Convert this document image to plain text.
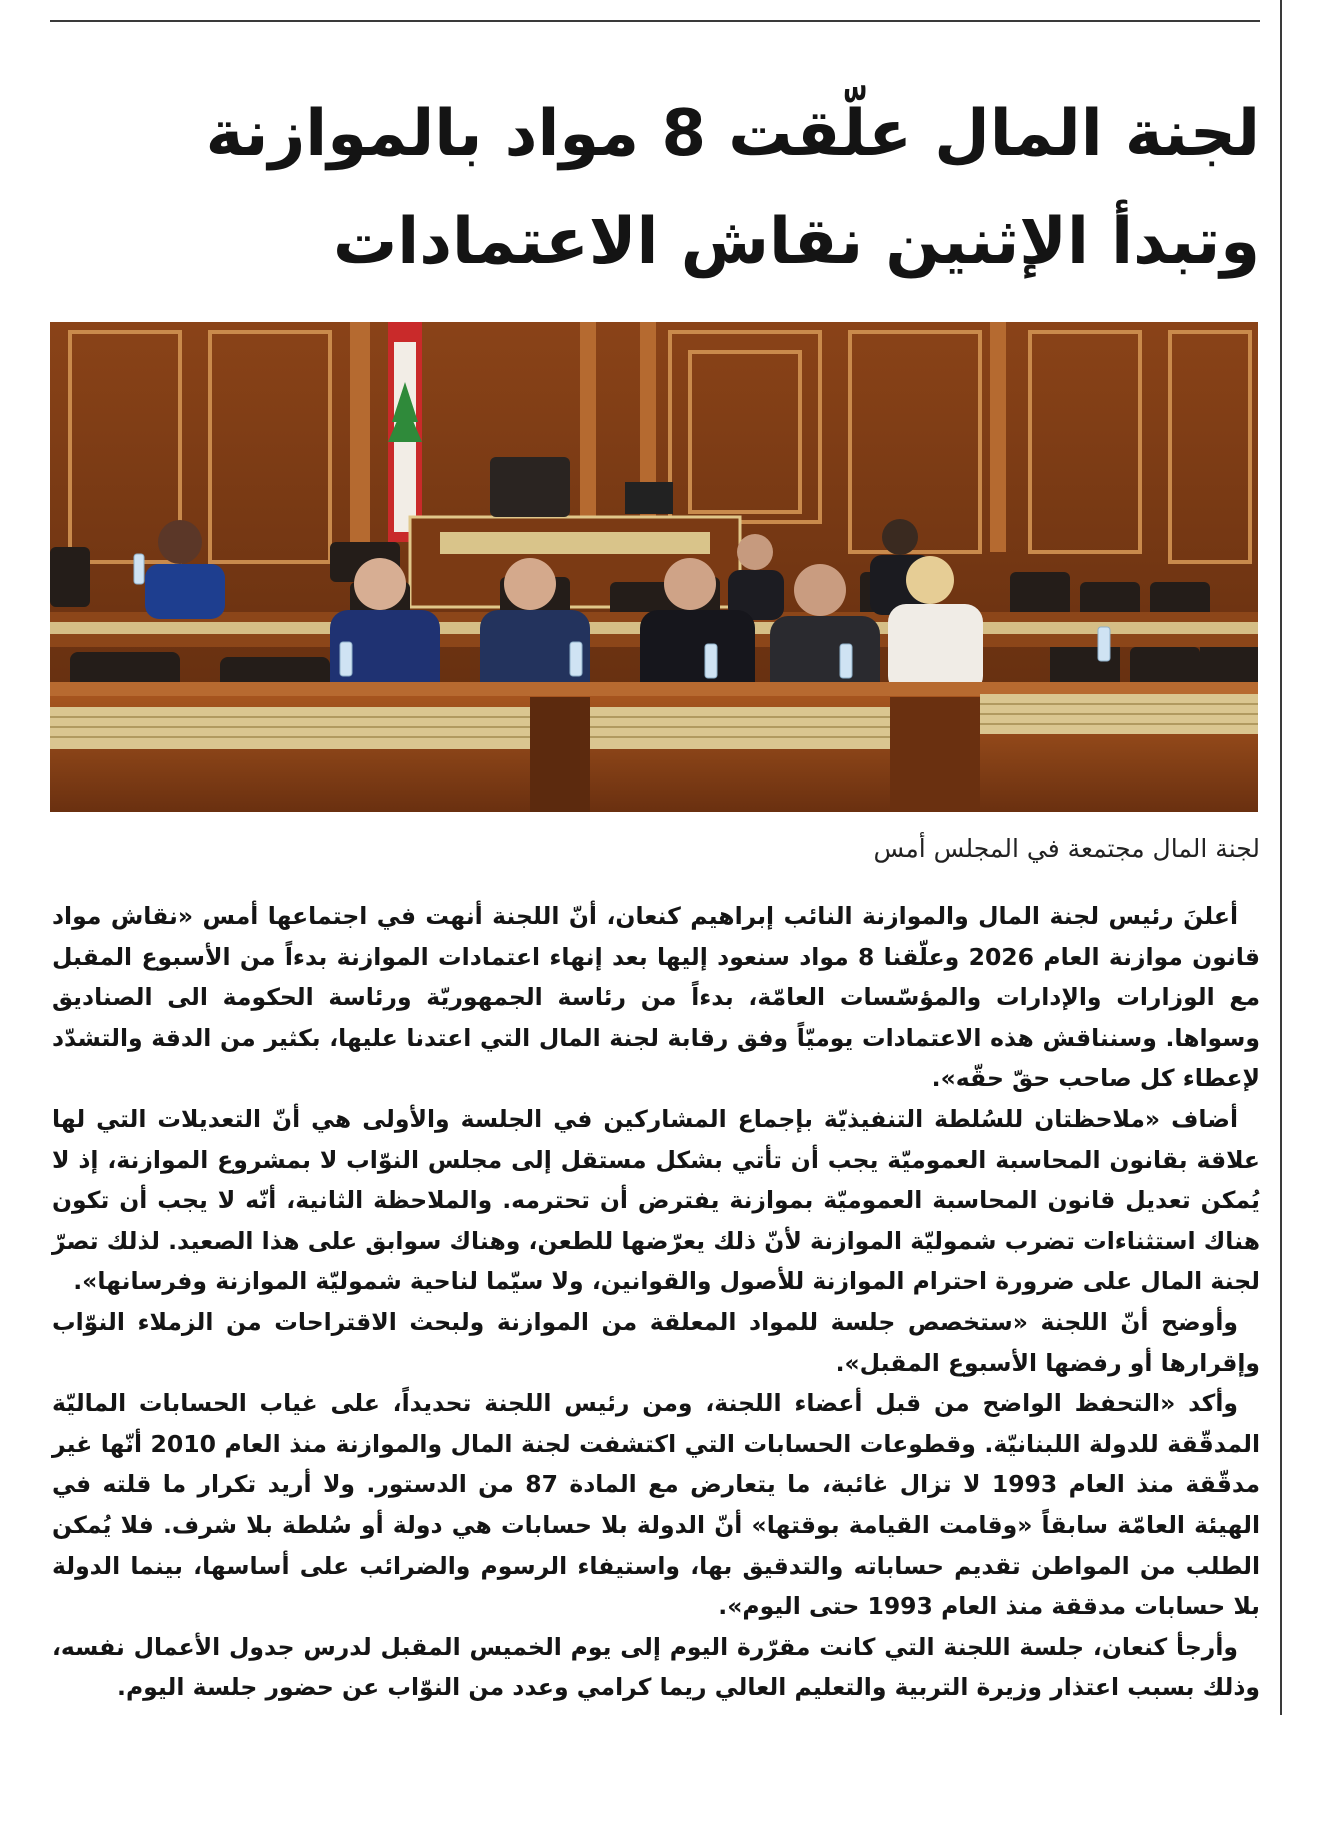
لجنة المال علّقت 8 مواد بالموازنة
وتبدأ الإثنين نقاش الاعتمادات
لجنة المال مجتمعة في المجلس أمس

أعلنَ رئيس لجنة المال والموازنة النائب إبراهيم كنعان، أنّ اللجنة أنهت في اجتماعها أمس «نقاش مواد قانون موازنة العام 2026 وعلّقنا 8 مواد سنعود إليها بعد إنهاء اعتمادات الموازنة بدءاً من الأسبوع المقبل مع الوزارات والإدارات والمؤسّسات العامّة، بدءاً من رئاسة الجمهوريّة ورئاسة الحكومة الى الصناديق وسواها. وسنناقش هذه الاعتمادات يوميّاً وفق رقابة لجنة المال التي اعتدنا عليها، بكثير من الدقة والتشدّد لإعطاء كل صاحب حقّ حقّه».

أضاف «ملاحظتان للسُلطة التنفيذيّة بإجماع المشاركين في الجلسة والأولى هي أنّ التعديلات التي لها علاقة بقانون المحاسبة العموميّة يجب أن تأتي بشكل مستقل إلى مجلس النوّاب لا بمشروع الموازنة، إذ لا يُمكن تعديل قانون المحاسبة العموميّة بموازنة يفترض أن تحترمه. والملاحظة الثانية، أنّه لا يجب أن تكون هناك استثناءات تضرب شموليّة الموازنة لأنّ ذلك يعرّضها للطعن، وهناك سوابق على هذا الصعيد. لذلك تصرّ لجنة المال على ضرورة احترام الموازنة للأصول والقوانين، ولا سيّما لناحية شموليّة الموازنة وفرسانها».

وأوضح أنّ اللجنة «ستخصص جلسة للمواد المعلقة من الموازنة ولبحث الاقتراحات من الزملاء النوّاب وإقرارها أو رفضها الأسبوع المقبل».

وأكد «التحفظ الواضح من قبل أعضاء اللجنة، ومن رئيس اللجنة تحديداً، على غياب الحسابات الماليّة المدقّقة للدولة اللبنانيّة. وقطوعات الحسابات التي اكتشفت لجنة المال والموازنة منذ العام 2010 أنّها غير مدقّقة منذ العام 1993 لا تزال غائبة، ما يتعارض مع المادة 87 من الدستور. ولا أريد تكرار ما قلته في الهيئة العامّة سابقاً «وقامت القيامة بوقتها» أنّ الدولة بلا حسابات هي دولة أو سُلطة بلا شرف. فلا يُمكن الطلب من المواطن تقديم حساباته والتدقيق بها، واستيفاء الرسوم والضرائب على أساسها، بينما الدولة بلا حسابات مدققة منذ العام 1993 حتى اليوم».

وأرجأ كنعان، جلسة اللجنة التي كانت مقرّرة اليوم إلى يوم الخميس المقبل لدرس جدول الأعمال نفسه، وذلك بسبب اعتذار وزيرة التربية والتعليم العالي ريما كرامي وعدد من النوّاب عن حضور جلسة اليوم.
